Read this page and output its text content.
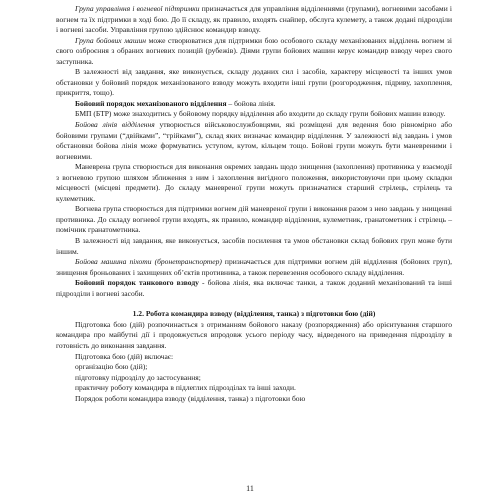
Група управління і вогневої підтримки призначається для управління відділеннями (групами), вогневими засобами і вогнем та їх підтримки в ході бою. До її складу, як правило, входять снайпер, обслуга кулемету, а також додані підрозділи і вогневі засоби. Управління групою здійснює командир взводу.

Група бойових машин може створюватися для підтримки бою особового складу механізованих відділень вогнем зі свого озброєння з обраних вогневих позицій (рубежів). Діями групи бойових машин керує командир взводу через свого заступника.

В залежності від завдання, яке виконується, складу доданих сил і засобів, характеру місцевості та інших умов обстановки у бойовий порядок механізованого взводу можуть входити інші групи (розгородження, підриву, захоплення, прикриття, тощо).

Бойовий порядок механізованого відділення – бойова лінія.

БМП (БТР) може знаходитись у бойовому порядку відділення або входити до складу групи бойових машин взводу.

Бойова лінія відділення утворюється військовослужбовцями, які розміщені для ведення бою рівномірно або бойовими групами (“двійками”, “трійками”), склад яких визначає командир відділення. У залежності від завдань і умов обстановки бойова лінія може формуватись уступом, кутом, кільцем тощо. Бойові групи можуть бути маневреними і вогневими.

Маневрена група створюється для виконання окремих завдань щодо знищення (захоплення) противника у взаємодії з вогневою групою шляхом зближення з ним і захоплення вигідного положення, використовуючи при цьому складки місцевості (місцеві предмети). До складу маневреної групи можуть призначатися старший стрілець, стрілець та кулеметник.

Вогнева група створюється для підтримки вогнем дій маневреної групи і виконання разом з нею завдань у знищенні противника. До складу вогневої групи входять, як правило, командир відділення, кулеметник, гранатометник і стрілець – помічник гранатометника.

В залежності від завдання, яке виконується, засобів посилення та умов обстановки склад бойових груп може бути іншим.

Бойова машина піхоти (бронетранспортер) призначається для підтримки вогнем дій відділення (бойових груп), знищення броньованих і захищених об’єктів противника, а також перевезення особового складу відділення.

Бойовий порядок танкового взводу - бойова лінія, яка включає танки, а також доданий механізований та інші підрозділи і вогневі засоби.

1.2. Робота командира взводу (відділення, танка) з підготовки бою (дій)

Підготовка бою (дій) розпочинається з отриманням бойового наказу (розпорядження) або орієнтування старшого командира про майбутні дії і продовжується впродовж усього періоду часу, відведеного на приведення підрозділу в готовність до виконання завдання.

Підготовка бою (дій) включає:

організацію бою (дій);

підготовку підрозділу до застосування;

практичну роботу командира в підлеглих підрозділах та інші заходи.

Порядок роботи командира взводу (відділення, танка) з підготовки бою

11
